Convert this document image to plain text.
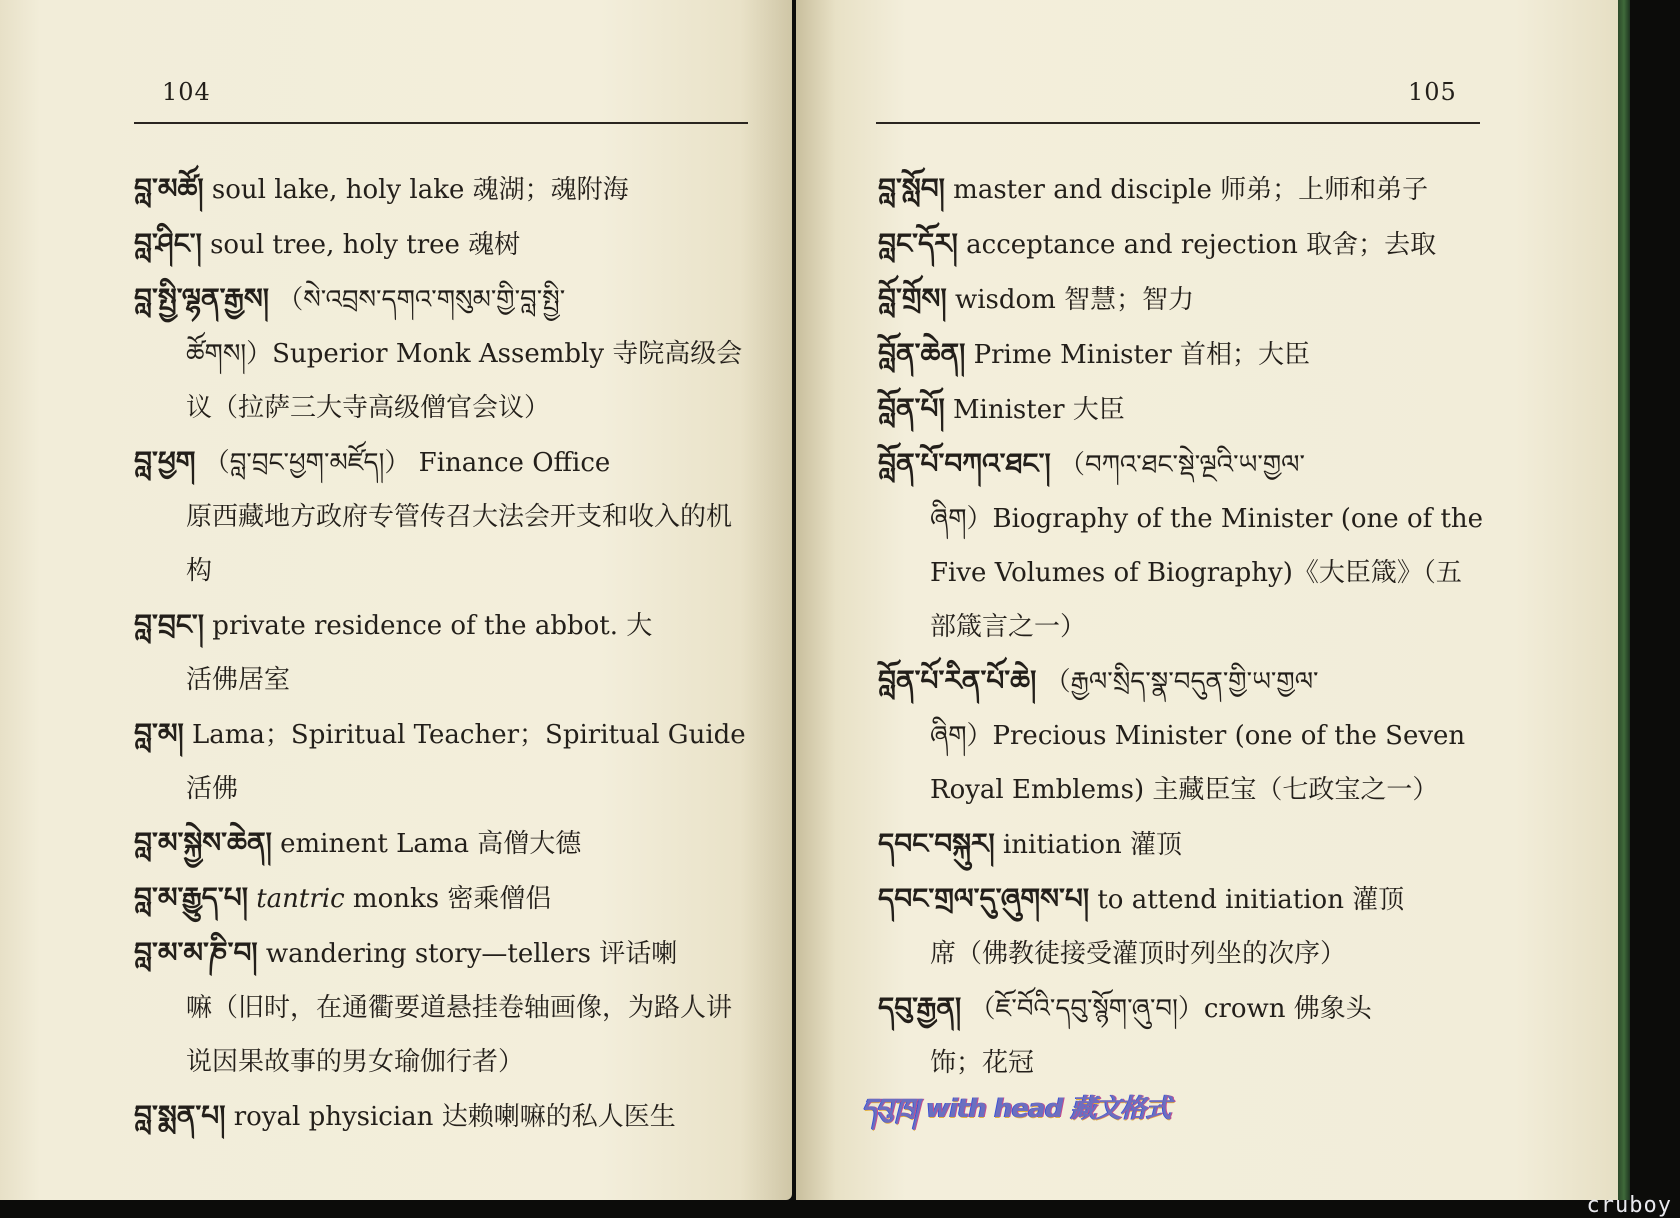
104

བླ་མཚོ། soul lake, holy lake 魂湖；魂附海

བླ་ཤིང་། soul tree, holy tree 魂树

བླ་སྤྱི་ལྷན་རྒྱས། （སེ་འབྲས་དགའ་གསུམ་གྱི་བླ་སྤྱི་
ཚོགས།）Superior Monk Assembly 寺院高级会议（拉萨三大寺高级僧官会议）

བླ་ཕྱག （བླ་བྲང་ཕྱག་མཛོད།） Finance Office
原西藏地方政府专管传召大法会开支和收入的机构

བླ་བྲང་། private residence of the abbot. 大
活佛居室

བླ་མ། Lama；Spiritual Teacher；Spiritual Guide
活佛

བླ་མ་སྐྱེས་ཆེན། eminent Lama 高僧大德

བླ་མ་རྒྱུད་པ། tantric monks 密乘僧侣

བླ་མ་མ་ཎི་བ། wandering story—tellers 评话喇
嘛（旧时，在通衢要道悬挂卷轴画像，为路人讲说因果故事的男女瑜伽行者）

བླ་སྨན་པ། royal physician 达赖喇嘛的私人医生

105

བླ་སློབ། master and disciple 师弟；上师和弟子

བླང་དོར། acceptance and rejection 取舍；去取

བློ་གྲོས། wisdom 智慧；智力

བློན་ཆེན། Prime Minister 首相；大臣

བློན་པོ། Minister 大臣

བློན་པོ་བཀའ་ཐང་། （བཀའ་ཐང་སྡེ་ལྔའི་ཡ་གྱལ་
ཞིག）Biography of the Minister (one of the Five Volumes of Biography)《大臣箴》（五部箴言之一）

བློན་པོ་རིན་པོ་ཆེ། （རྒྱལ་སྲིད་སྣ་བདུན་གྱི་ཡ་གྱལ་
ཞིག）Precious Minister (one of the Seven Royal Emblems) 主藏臣宝（七政宝之一）

དབང་བསྐུར། initiation 灌顶

དབང་གྲལ་དུ་ཞུགས་པ། to attend initiation 灌顶
席（佛教徒接受灌顶时列坐的次序）

དབུ་རྒྱན། （ཇོ་བོའི་དབུ་སྙོག་ཞུ་བ།）crown 佛象头
饰；花冠

དབུ་ཁྲ། with head 藏文格式
cruboy
